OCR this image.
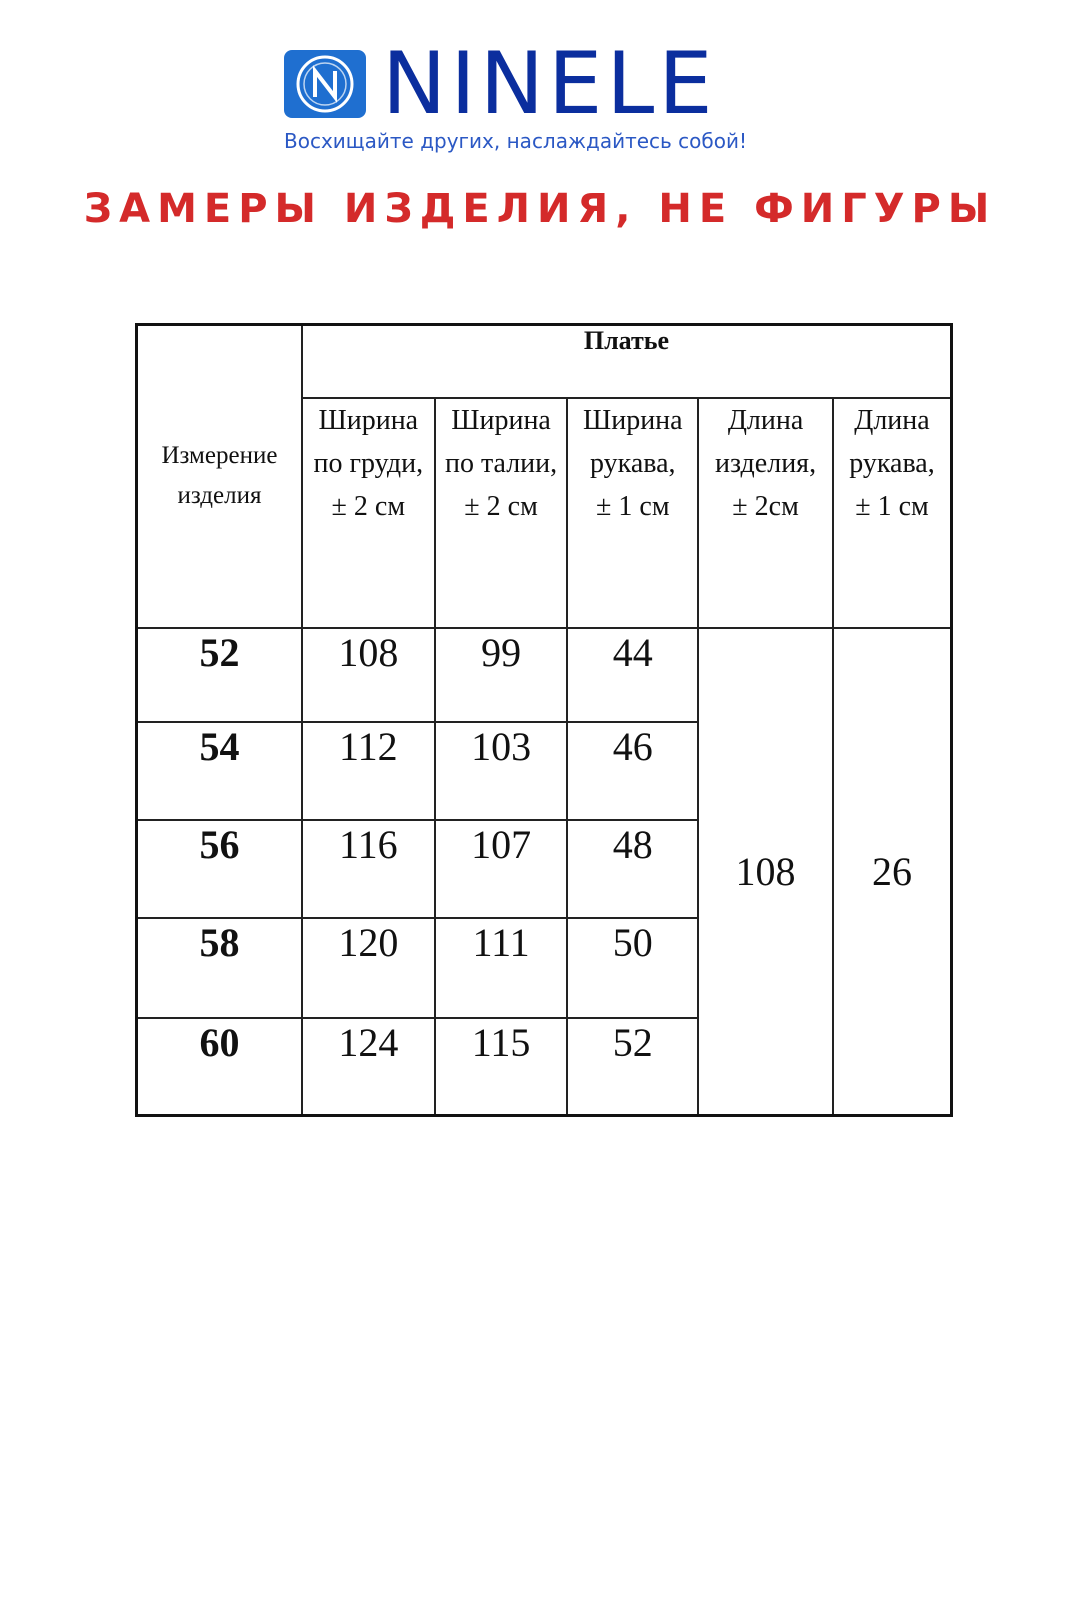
NINELE
Восхищайте других, наслаждайтесь собой!
ЗАМЕРЫ ИЗДЕЛИЯ, НЕ ФИГУРЫ
Измерение
изделия	Платье				

	Ширина
по груди,
± 2 см	Ширина
по талии,
± 2 см	Ширина
рукава,
± 1 см	Длина
изделия,
± 2см	Длина
рукава,
± 1 см

52	108	99	44	108	26
54	112	103	46		
56	116	107	48		
58	120	111	50		
60	124	115	52		
